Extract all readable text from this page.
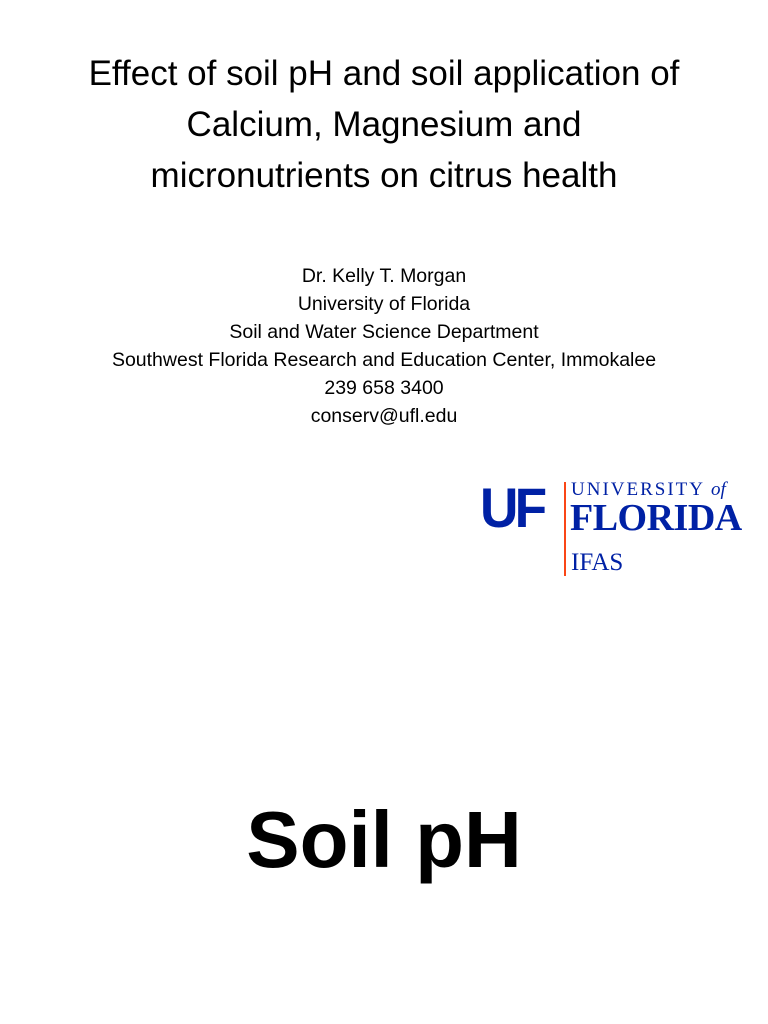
Effect of soil pH and soil application of
Calcium, Magnesium and
micronutrients on citrus health
Dr. Kelly T. Morgan
University of Florida
Soil and Water Science Department
Southwest Florida Research and Education Center, Immokalee
239 658 3400
conserv@ufl.edu
UF UNIVERSITY of
FLORIDA
IFAS
Soil pH
